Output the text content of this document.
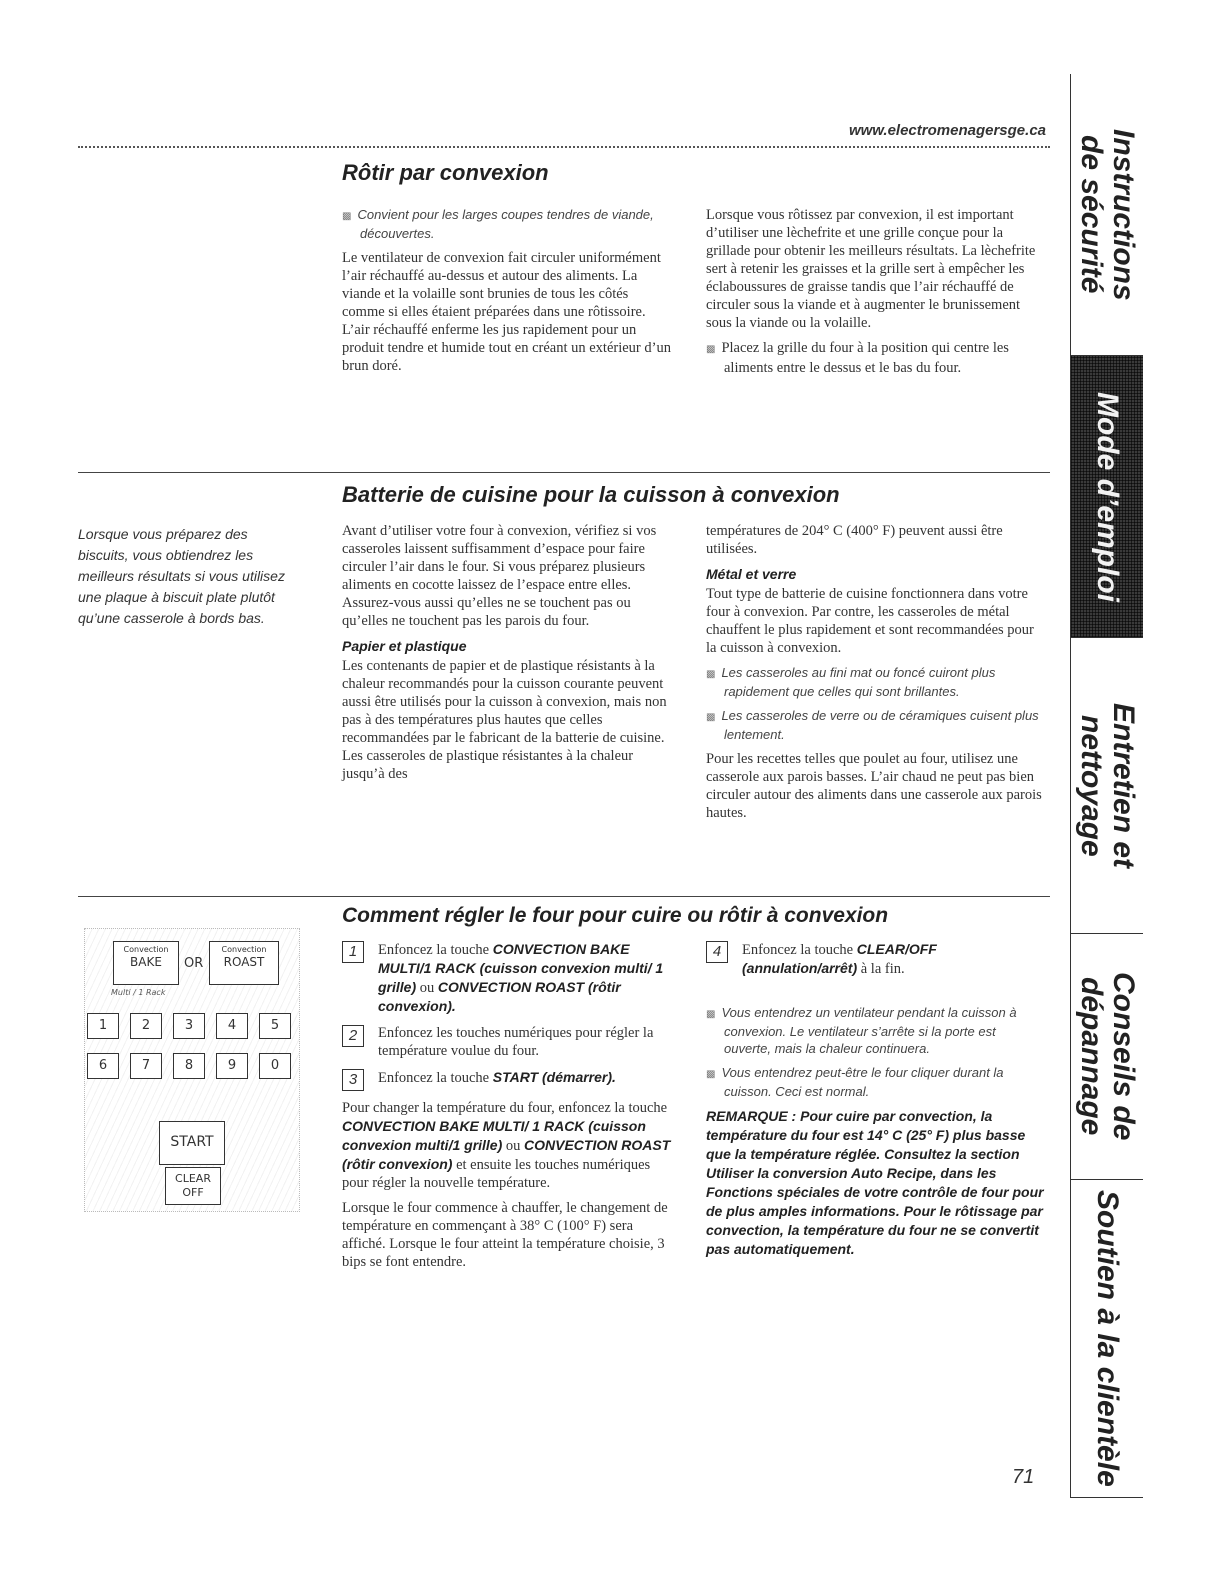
www.electromenagersge.ca
Rôtir par convexion

▩ Convient pour les larges coupes tendres de viande, découvertes.

Le ventilateur de convexion fait circuler uniformément l’air réchauffé au-dessus et autour des aliments. La viande et la volaille sont brunies de tous les côtés comme si elles étaient préparées dans une rôtissoire. L’air réchauffé enferme les jus rapidement pour un produit tendre et humide tout en créant un extérieur d’un brun doré.

Lorsque vous rôtissez par convexion, il est important d’utiliser une lèchefrite et une grille conçue pour la grillade pour obtenir les meilleurs résultats. La lèchefrite sert à retenir les graisses et la grille sert à empêcher les éclaboussures de graisse tandis que l’air réchauffé de circuler sous la viande et à augmenter le brunissement sous la viande ou la volaille.

▩ Placez la grille du four à la position qui centre les aliments entre le dessus et le bas du four.

Batterie de cuisine pour la cuisson à convexion
Lorsque vous préparez des biscuits, vous obtiendrez les meilleurs résultats si vous utilisez une plaque à biscuit plate plutôt qu’une casserole à bords bas.

Avant d’utiliser votre four à convexion, vérifiez si vos casseroles laissent suffisamment d’espace pour faire circuler l’air dans le four. Si vous préparez plusieurs aliments en cocotte laissez de l’espace entre elles. Assurez-vous aussi qu’elles ne se touchent pas ou qu’elles ne touchent pas les parois du four.

Papier et plastique

Les contenants de papier et de plastique résistants à la chaleur recommandés pour la cuisson courante peuvent aussi être utilisés pour la cuisson à convexion, mais non pas à des températures plus hautes que celles recommandées par le fabricant de la batterie de cuisine. Les casseroles de plastique résistantes à la chaleur jusqu’à des

températures de 204° C (400° F) peuvent aussi être utilisées.

Métal et verre

Tout type de batterie de cuisine fonctionnera dans votre four à convexion. Par contre, les casseroles de métal chauffent le plus rapidement et sont recommandées pour la cuisson à convexion.

▩ Les casseroles au fini mat ou foncé cuiront plus rapidement que celles qui sont brillantes.

▩ Les casseroles de verre ou de céramiques cuisent plus lentement.

Pour les recettes telles que poulet au four, utilisez une casserole aux parois basses. L’air chaud ne peut pas bien circuler autour des aliments dans une casserole aux parois hautes.

Comment régler le four pour cuire ou rôtir à convexion
Convection
BAKE	OR
Convection
ROAST
Multi / 1 Rack
1	2	3	4	5
6	7	8	9	0
START
CLEAR
OFF
1	Enfoncez la touche CONVECTION BAKE MULTI/1 RACK (cuisson convexion multi/ 1 grille) ou CONVECTION ROAST (rôtir convexion).
2	Enfoncez les touches numériques pour régler la température voulue du four.
3	Enfoncez la touche START (démarrer).

Pour changer la température du four, enfoncez la touche CONVECTION BAKE MULTI/ 1 RACK (cuisson convexion multi/1 grille) ou CONVECTION ROAST (rôtir convexion) et ensuite les touches numériques pour régler la nouvelle température.

Lorsque le four commence à chauffer, le changement de température en commençant à 38° C (100° F) sera affiché. Lorsque le four atteint la température choisie, 3 bips se font entendre.

4	Enfoncez la touche CLEAR/OFF (annulation/arrêt) à la fin.

▩ Vous entendrez un ventilateur pendant la cuisson à convexion. Le ventilateur s’arrête si la porte est ouverte, mais la chaleur continuera.

▩ Vous entendrez peut-être le four cliquer durant la cuisson. Ceci est normal.

REMARQUE : Pour cuire par convection, la température du four est 14° C (25° F) plus basse que la température réglée. Consultez la section Utiliser la conversion Auto Recipe, dans les Fonctions spéciales de votre contrôle de four pour de plus amples informations. Pour le rôtissage par convection, la température du four ne se convertit pas automatiquement.

71
Instructions
de sécurité
Mode d’emploi
Entretien et nettoyage
Conseils de dépannage
Soutien à la clientèle
